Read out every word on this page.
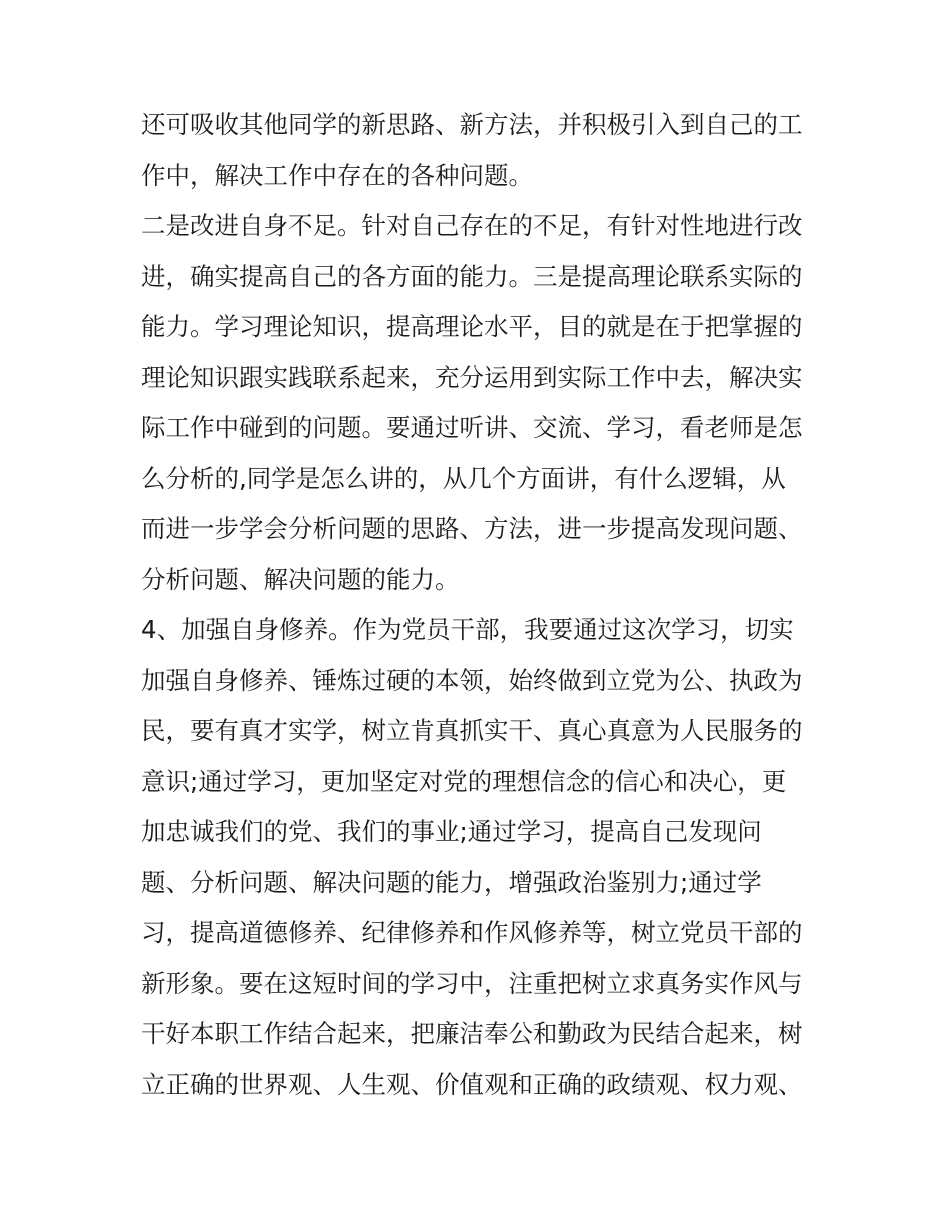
还可吸收其他同学的新思路、新方法，并积极引入到自己的工
作中，解决工作中存在的各种问题。
二是改进自身不足。针对自己存在的不足，有针对性地进行改
进，确实提高自己的各方面的能力。三是提高理论联系实际的
能力。学习理论知识，提高理论水平，目的就是在于把掌握的
理论知识跟实践联系起来，充分运用到实际工作中去，解决实
际工作中碰到的问题。要通过听讲、交流、学习，看老师是怎
么分析的,同学是怎么讲的，从几个方面讲，有什么逻辑，从
而进一步学会分析问题的思路、方法，进一步提高发现问题、
分析问题、解决问题的能力。
4、加强自身修养。作为党员干部，我要通过这次学习，切实
加强自身修养、锤炼过硬的本领，始终做到立党为公、执政为
民，要有真才实学，树立肯真抓实干、真心真意为人民服务的
意识;通过学习，更加坚定对党的理想信念的信心和决心，更
加忠诚我们的党、我们的事业;通过学习，提高自己发现问
题、分析问题、解决问题的能力，增强政治鉴别力;通过学
习，提高道德修养、纪律修养和作风修养等，树立党员干部的
新形象。要在这短时间的学习中，注重把树立求真务实作风与
干好本职工作结合起来，把廉洁奉公和勤政为民结合起来，树
立正确的世界观、人生观、价值观和正确的政绩观、权力观、
